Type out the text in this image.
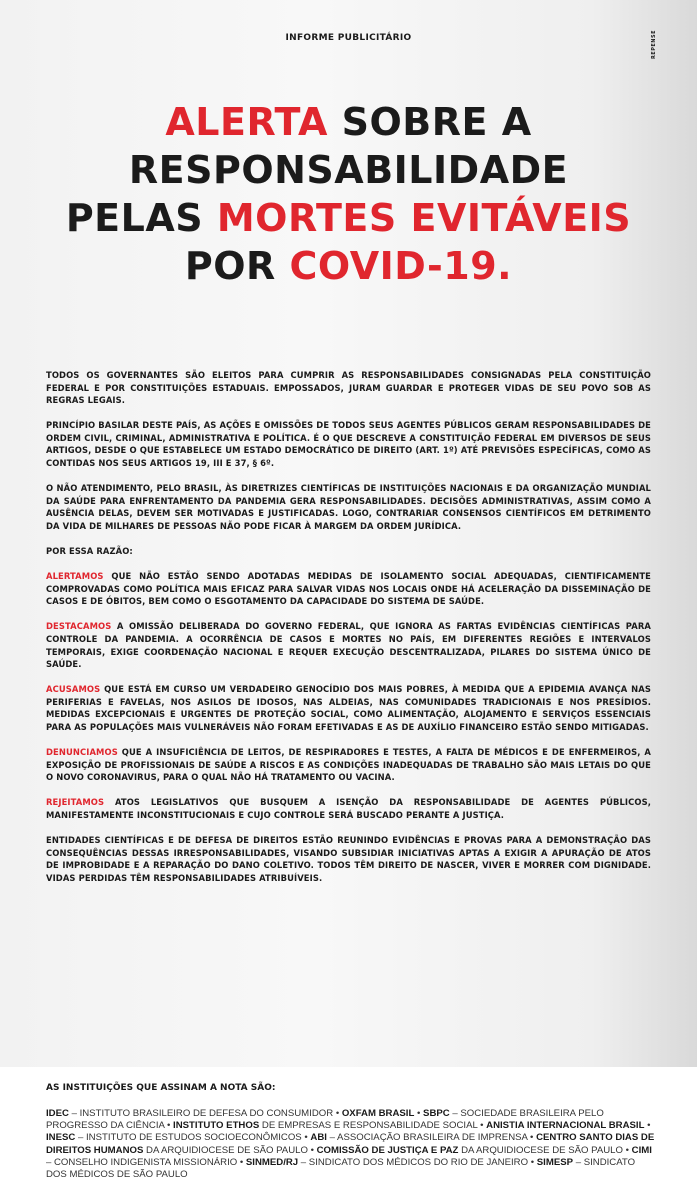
INFORME PUBLICITÁRIO	REPENSE
ALERTA SOBRE A
RESPONSABILIDADE
PELAS MORTES EVITÁVEIS
POR COVID-19.

TODOS OS GOVERNANTES SÃO ELEITOS PARA CUMPRIR AS RESPONSABILIDADES CONSIGNADAS PELA CONSTITUIÇÃO FEDERAL E POR CONSTITUIÇÕES ESTADUAIS. EMPOSSADOS, JURAM GUARDAR E PROTEGER VIDAS DE SEU POVO SOB AS REGRAS LEGAIS.

PRINCÍPIO BASILAR DESTE PAÍS, AS AÇÕES E OMISSÕES DE TODOS SEUS AGENTES PÚBLICOS GERAM RESPONSABILIDADES DE ORDEM CIVIL, CRIMINAL, ADMINISTRATIVA E POLÍTICA. É O QUE DESCREVE A CONSTITUIÇÃO FEDERAL EM DIVERSOS DE SEUS ARTIGOS, DESDE O QUE ESTABELECE UM ESTADO DEMOCRÁTICO DE DIREITO (ART. 1º) ATÉ PREVISÕES ESPECÍFICAS, COMO AS CONTIDAS NOS SEUS ARTIGOS 19, III E 37, § 6º.

O NÃO ATENDIMENTO, PELO BRASIL, ÀS DIRETRIZES CIENTÍFICAS DE INSTITUIÇÕES NACIONAIS E DA ORGANIZAÇÃO MUNDIAL DA SAÚDE PARA ENFRENTAMENTO DA PANDEMIA GERA RESPONSABILIDADES. DECISÕES ADMINISTRATIVAS, ASSIM COMO A AUSÊNCIA DELAS, DEVEM SER MOTIVADAS E JUSTIFICADAS. LOGO, CONTRARIAR CONSENSOS CIENTÍFICOS EM DETRIMENTO DA VIDA DE MILHARES DE PESSOAS NÃO PODE FICAR À MARGEM DA ORDEM JURÍDICA.

POR ESSA RAZÃO:

ALERTAMOS QUE NÃO ESTÃO SENDO ADOTADAS MEDIDAS DE ISOLAMENTO SOCIAL ADEQUADAS, CIENTIFICAMENTE COMPROVADAS COMO POLÍTICA MAIS EFICAZ PARA SALVAR VIDAS NOS LOCAIS ONDE HÁ ACELERAÇÃO DA DISSEMINAÇÃO DE CASOS E DE ÓBITOS, BEM COMO O ESGOTAMENTO DA CAPACIDADE DO SISTEMA DE SAÚDE.

DESTACAMOS A OMISSÃO DELIBERADA DO GOVERNO FEDERAL, QUE IGNORA AS FARTAS EVIDÊNCIAS CIENTÍFICAS PARA CONTROLE DA PANDEMIA. A OCORRÊNCIA DE CASOS E MORTES NO PAÍS, EM DIFERENTES REGIÕES E INTERVALOS TEMPORAIS, EXIGE COORDENAÇÃO NACIONAL E REQUER EXECUÇÃO DESCENTRALIZADA, PILARES DO SISTEMA ÚNICO DE SAÚDE.

ACUSAMOS QUE ESTÁ EM CURSO UM VERDADEIRO GENOCÍDIO DOS MAIS POBRES, À MEDIDA QUE A EPIDEMIA AVANÇA NAS PERIFERIAS E FAVELAS, NOS ASILOS DE IDOSOS, NAS ALDEIAS, NAS COMUNIDADES TRADICIONAIS E NOS PRESÍDIOS. MEDIDAS EXCEPCIONAIS E URGENTES DE PROTEÇÃO SOCIAL, COMO ALIMENTAÇÃO, ALOJAMENTO E SERVIÇOS ESSENCIAIS PARA AS POPULAÇÕES MAIS VULNERÁVEIS NÃO FORAM EFETIVADAS E AS DE AUXÍLIO FINANCEIRO ESTÃO SENDO MITIGADAS.

DENUNCIAMOS QUE A INSUFICIÊNCIA DE LEITOS, DE RESPIRADORES E TESTES, A FALTA DE MÉDICOS E DE ENFERMEIROS, A EXPOSIÇÃO DE PROFISSIONAIS DE SAÚDE A RISCOS E AS CONDIÇÕES INADEQUADAS DE TRABALHO SÃO MAIS LETAIS DO QUE O NOVO CORONAVIRUS, PARA O QUAL NÃO HÁ TRATAMENTO OU VACINA.

REJEITAMOS ATOS LEGISLATIVOS QUE BUSQUEM A ISENÇÃO DA RESPONSABILIDADE DE AGENTES PÚBLICOS, MANIFESTAMENTE INCONSTITUCIONAIS E CUJO CONTROLE SERÁ BUSCADO PERANTE A JUSTIÇA.

ENTIDADES CIENTÍFICAS E DE DEFESA DE DIREITOS ESTÃO REUNINDO EVIDÊNCIAS E PROVAS PARA A DEMONSTRAÇÃO DAS CONSEQUÊNCIAS DESSAS IRRESPONSABILIDADES, VISANDO SUBSIDIAR INICIATIVAS APTAS A EXIGIR A APURAÇÃO DE ATOS DE IMPROBIDADE E A REPARAÇÃO DO DANO COLETIVO. TODOS TÊM DIREITO DE NASCER, VIVER E MORRER COM DIGNIDADE. VIDAS PERDIDAS TÊM RESPONSABILIDADES ATRIBUÍVEIS.

AS INSTITUIÇÕES QUE ASSINAM A NOTA SÃO:
IDEC – INSTITUTO BRASILEIRO DE DEFESA DO CONSUMIDOR • OXFAM BRASIL • SBPC – SOCIEDADE BRASILEIRA PELO PROGRESSO DA CIÊNCIA • INSTITUTO ETHOS DE EMPRESAS E RESPONSABILIDADE SOCIAL • ANISTIA INTERNACIONAL BRASIL • INESC – INSTITUTO DE ESTUDOS SOCIOECONÔMICOS • ABI – ASSOCIAÇÃO BRASILEIRA DE IMPRENSA • CENTRO SANTO DIAS DE DIREITOS HUMANOS DA ARQUIDIOCESE DE SÃO PAULO • COMISSÃO DE JUSTIÇA E PAZ DA ARQUIDIOCESE DE SÃO PAULO • CIMI – CONSELHO INDIGENISTA MISSIONÁRIO • SINMED/RJ – SINDICATO DOS MÉDICOS DO RIO DE JANEIRO • SIMESP – SINDICATO DOS MÉDICOS DE SÃO PAULO
